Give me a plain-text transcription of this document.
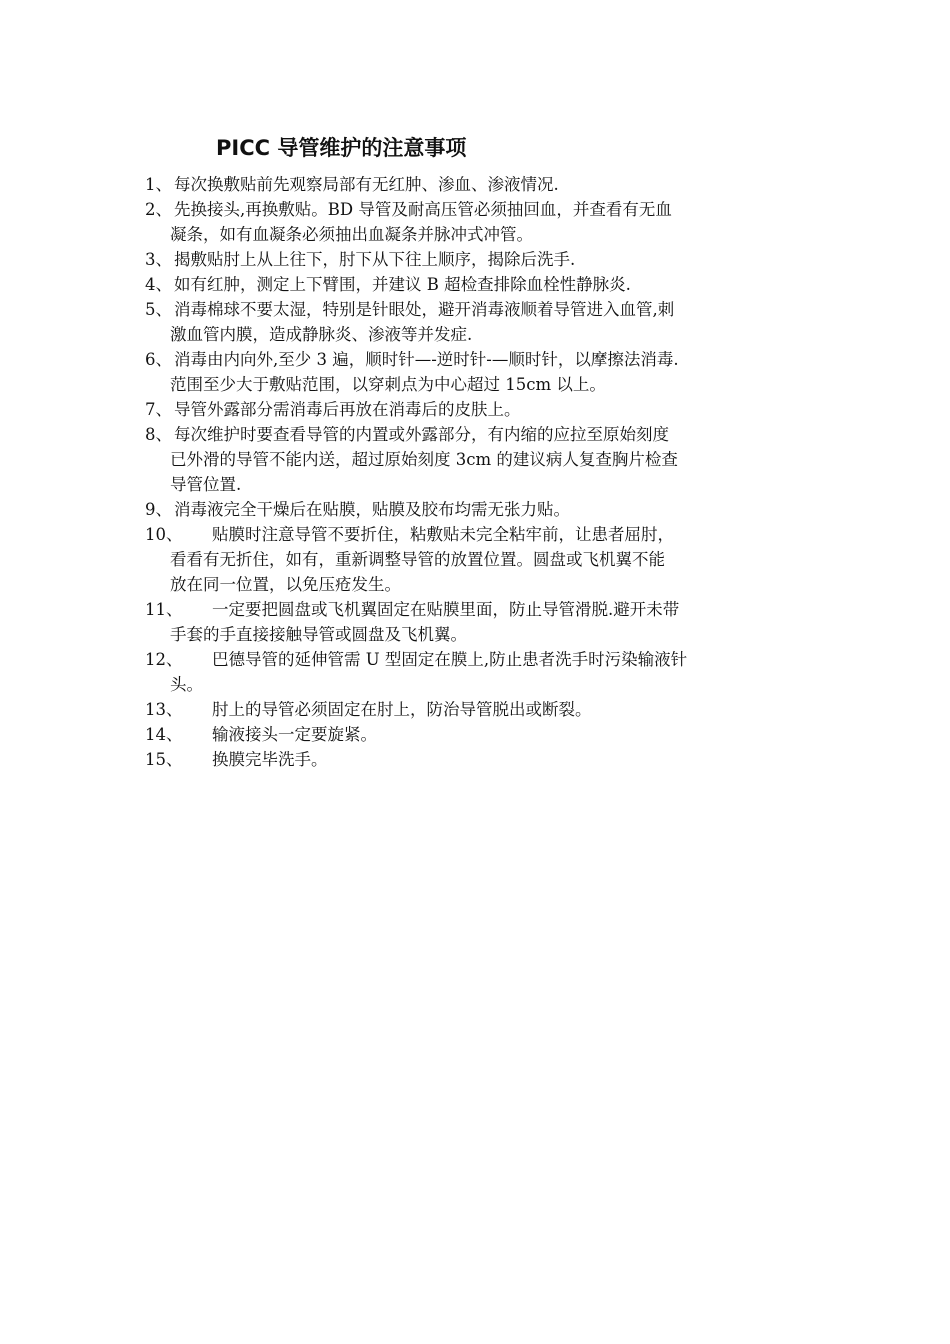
PICC 导管维护的注意事项
1、 每次换敷贴前先观察局部有无红肿、渗血、渗液情况.
2、 先换接头,再换敷贴。BD 导管及耐高压管必须抽回血，并查看有无血
凝条，如有血凝条必须抽出血凝条并脉冲式冲管。
3、 揭敷贴肘上从上往下，肘下从下往上顺序，揭除后洗手.
4、 如有红肿，测定上下臂围，并建议 B 超检查排除血栓性静脉炎.
5、 消毒棉球不要太湿，特别是针眼处，避开消毒液顺着导管进入血管,刺
激血管内膜，造成静脉炎、渗液等并发症.
6、 消毒由内向外,至少 3 遍，顺时针—-逆时针-—顺时针，以摩擦法消毒.
范围至少大于敷贴范围，以穿刺点为中心超过 15cm 以上。
7、 导管外露部分需消毒后再放在消毒后的皮肤上。
8、 每次维护时要查看导管的内置或外露部分，有内缩的应拉至原始刻度
已外滑的导管不能内送，超过原始刻度 3cm 的建议病人复查胸片检查
导管位置.
9、 消毒液完全干燥后在贴膜，贴膜及胶布均需无张力贴。
10、 贴膜时注意导管不要折住，粘敷贴未完全粘牢前，让患者屈肘，
看看有无折住，如有，重新调整导管的放置位置。圆盘或飞机翼不能
放在同一位置，以免压疮发生。
11、 一定要把圆盘或飞机翼固定在贴膜里面，防止导管滑脱.避开未带
手套的手直接接触导管或圆盘及飞机翼。
12、 巴德导管的延伸管需 U 型固定在膜上,防止患者洗手时污染输液针
头。
13、 肘上的导管必须固定在肘上，防治导管脱出或断裂。
14、 输液接头一定要旋紧。
15、 换膜完毕洗手。
